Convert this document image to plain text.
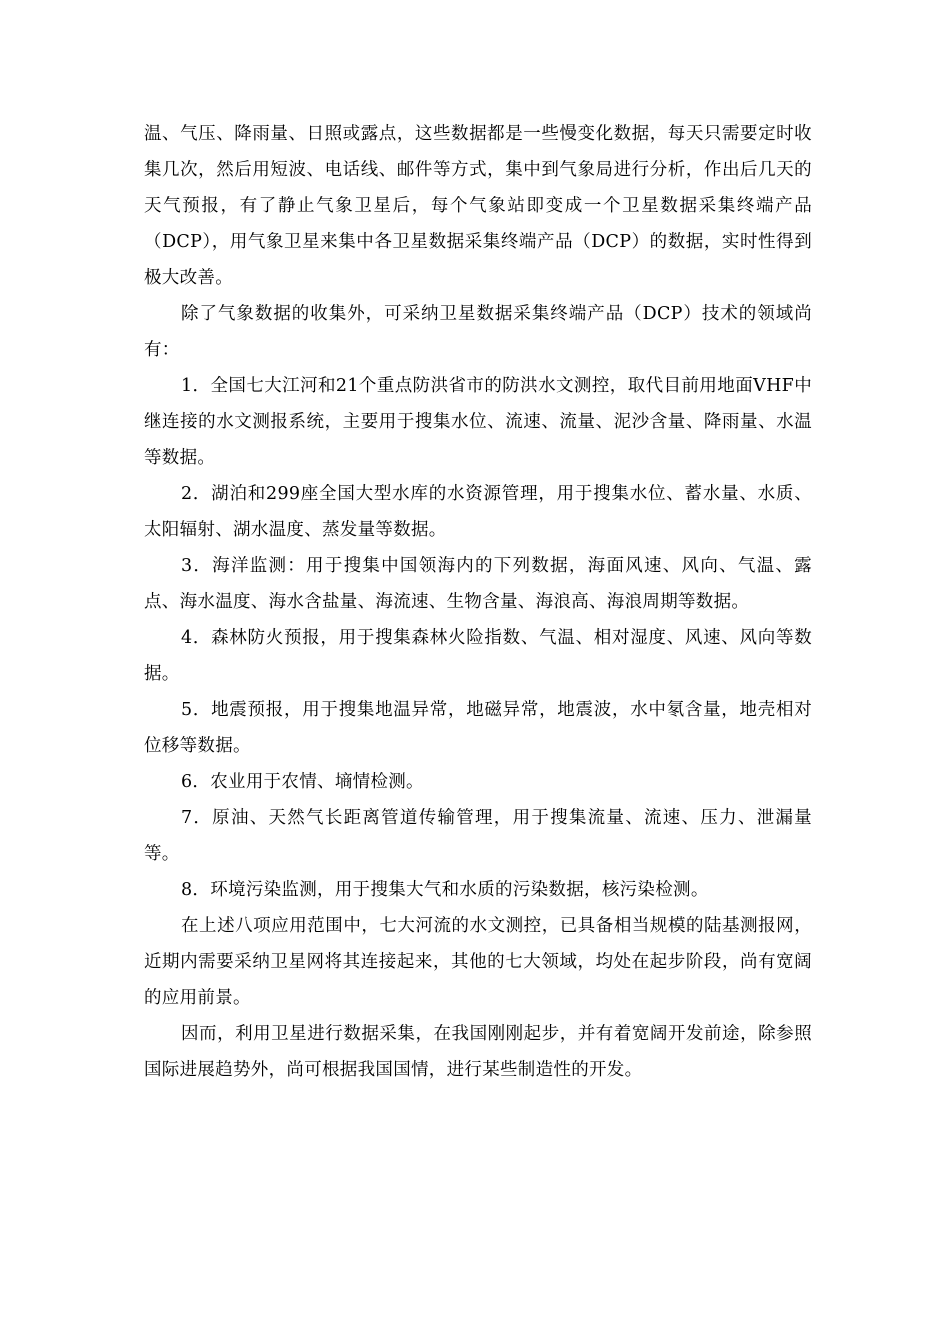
温、气压、降雨量、日照或露点，这些数据都是一些慢变化数据，每天只需要定时收集几次，然后用短波、电话线、邮件等方式，集中到气象局进行分析，作出后几天的天气预报，有了静止气象卫星后，每个气象站即变成一个卫星数据采集终端产品（DCP），用气象卫星来集中各卫星数据采集终端产品（DCP）的数据，实时性得到极大改善。

除了气象数据的收集外，可采纳卫星数据采集终端产品（DCP）技术的领域尚有：

1．全国七大江河和21个重点防洪省市的防洪水文测控，取代目前用地面VHF中继连接的水文测报系统，主要用于搜集水位、流速、流量、泥沙含量、降雨量、水温等数据。

2．湖泊和299座全国大型水库的水资源管理，用于搜集水位、蓄水量、水质、太阳辐射、湖水温度、蒸发量等数据。

3．海洋监测：用于搜集中国领海内的下列数据，海面风速、风向、气温、露点、海水温度、海水含盐量、海流速、生物含量、海浪高、海浪周期等数据。

4．森林防火预报，用于搜集森林火险指数、气温、相对湿度、风速、风向等数据。

5．地震预报，用于搜集地温异常，地磁异常，地震波，水中氡含量，地壳相对位移等数据。

6．农业用于农情、墒情检测。

7．原油、天然气长距离管道传输管理，用于搜集流量、流速、压力、泄漏量等。

8．环境污染监测，用于搜集大气和水质的污染数据，核污染检测。

在上述八项应用范围中，七大河流的水文测控，已具备相当规模的陆基测报网，近期内需要采纳卫星网将其连接起来，其他的七大领域，均处在起步阶段，尚有宽阔的应用前景。

因而，利用卫星进行数据采集，在我国刚刚起步，并有着宽阔开发前途，除参照国际进展趋势外，尚可根据我国国情，进行某些制造性的开发。
